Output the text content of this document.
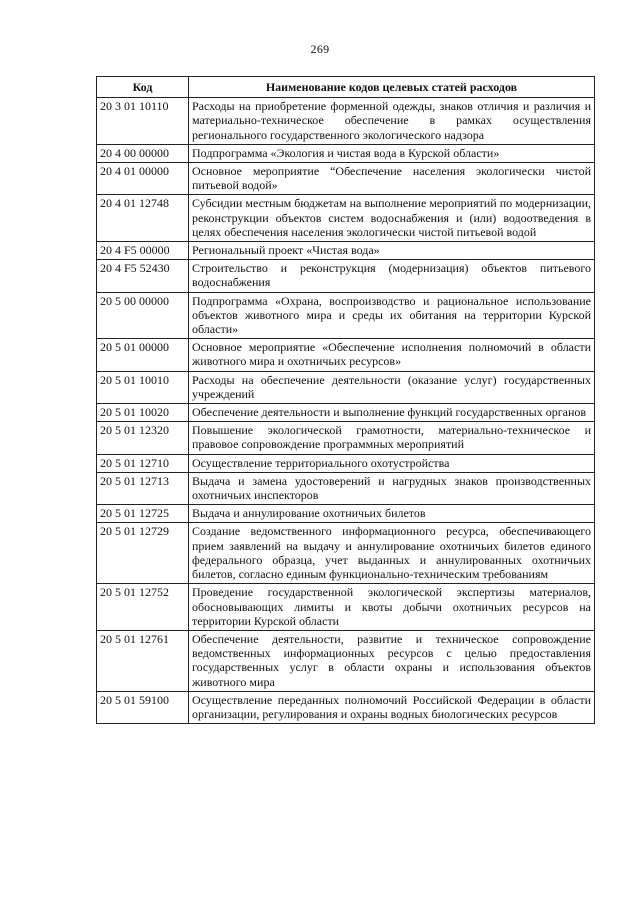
269
Код	Наименование кодов целевых статей расходов
20 3 01 10110	Расходы на приобретение форменной одежды, знаков отличия и различия и материально-техническое обеспечение в рамках осуществления регионального государственного экологического надзора
20 4 00 00000	Подпрограмма «Экология и чистая вода в Курской области»
20 4 01 00000	Основное мероприятие “Обеспечение населения экологически чистой питьевой водой»
20 4 01 12748	Субсидии местным бюджетам на выполнение мероприятий по модернизации, реконструкции объектов систем водоснабжения и (или) водоотведения в целях обеспечения населения экологически чистой питьевой водой
20 4 F5 00000	Региональный проект «Чистая вода»
20 4 F5 52430	Строительство и реконструкция (модернизация) объектов питьевого водоснабжения
20 5 00 00000	Подпрограмма «Охрана, воспроизводство и рациональное использование объектов животного мира и среды их обитания на территории Курской области»
20 5 01 00000	Основное мероприятие «Обеспечение исполнения полномочий в области животного мира и охотничьих ресурсов»
20 5 01 10010	Расходы на обеспечение деятельности (оказание услуг) государственных учреждений
20 5 01 10020	Обеспечение деятельности и выполнение функций государственных органов
20 5 01 12320	Повышение экологической грамотности, материально-техническое и правовое сопровождение программных мероприятий
20 5 01 12710	Осуществление территориального охотустройства
20 5 01 12713	Выдача и замена удостоверений и нагрудных знаков производственных охотничьих инспекторов
20 5 01 12725	Выдача и аннулирование охотничьих билетов
20 5 01 12729	Создание ведомственного информационного ресурса, обеспечивающего прием заявлений на выдачу и аннулирование охотничьих билетов единого федерального образца, учет выданных и аннулированных охотничьих билетов, согласно единым функционально-техническим требованиям
20 5 01 12752	Проведение государственной экологической экспертизы материалов, обосновывающих лимиты и квоты добычи охотничьих ресурсов на территории Курской области
20 5 01 12761	Обеспечение деятельности, развитие и техническое сопровождение ведомственных информационных ресурсов с целью предоставления государственных услуг в области охраны и использования объектов животного мира
20 5 01 59100	Осуществление переданных полномочий Российской Федерации в области организации, регулирования и охраны водных биологических ресурсов
